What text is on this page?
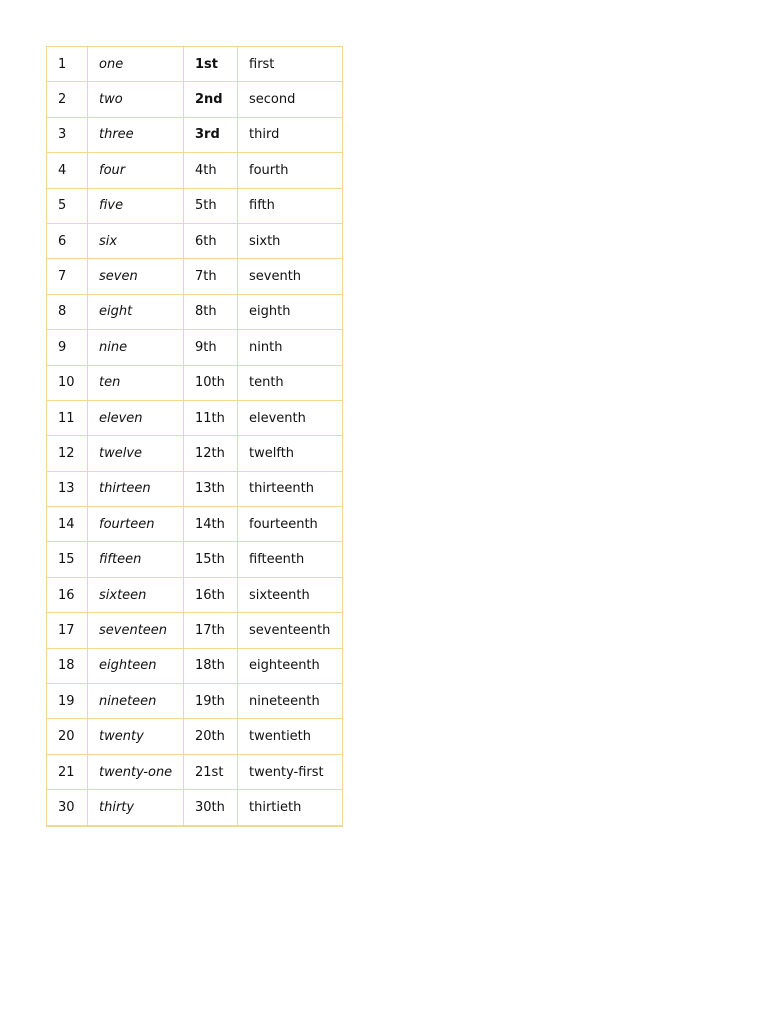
1	one	1st	first
2	two	2nd	second
3	three	3rd	third
4	four	4th	fourth
5	five	5th	fifth
6	six	6th	sixth
7	seven	7th	seventh
8	eight	8th	eighth
9	nine	9th	ninth
10	ten	10th	tenth
11	eleven	11th	eleventh
12	twelve	12th	twelfth
13	thirteen	13th	thirteenth
14	fourteen	14th	fourteenth
15	fifteen	15th	fifteenth
16	sixteen	16th	sixteenth
17	seventeen	17th	seventeenth
18	eighteen	18th	eighteenth
19	nineteen	19th	nineteenth
20	twenty	20th	twentieth
21	twenty-one	21st	twenty-first
30	thirty	30th	thirtieth
